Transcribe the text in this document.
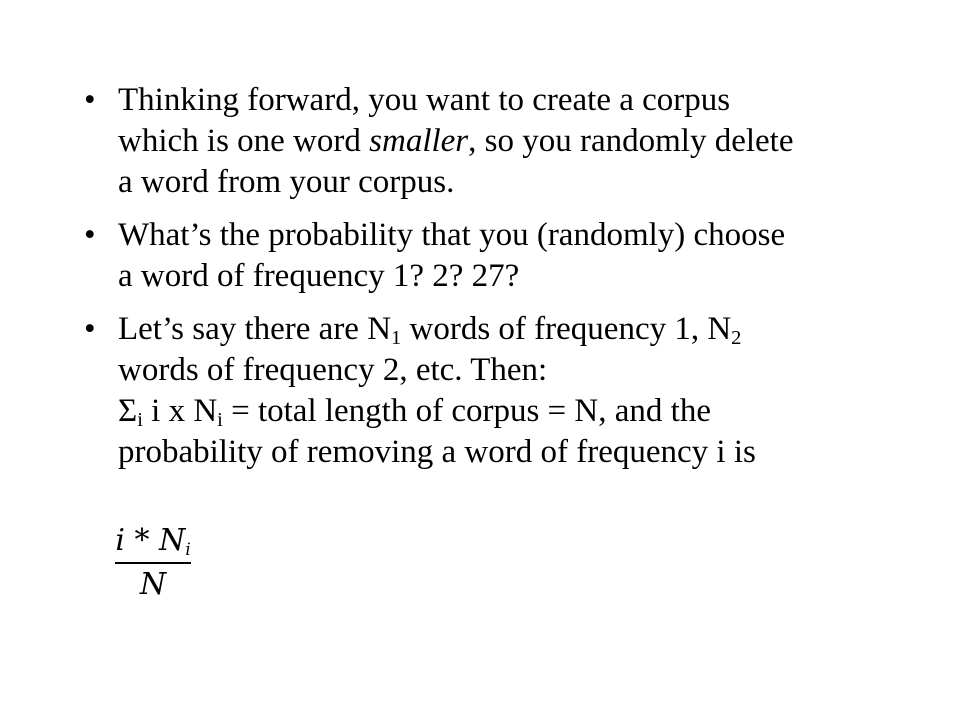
• Thinking forward, you want to create a corpus
which is one word smaller, so you randomly delete
a word from your corpus.
• What’s the probability that you (randomly) choose
a word of frequency 1? 2? 27?
• Let’s say there are $N_1$ words of frequency 1, $N_2$
words of frequency 2, etc. Then:
$\Sigma_i$ i x $N_i$ = total length of corpus = N, and the
probability of removing a word of frequency i is
i * $N_i$
N
